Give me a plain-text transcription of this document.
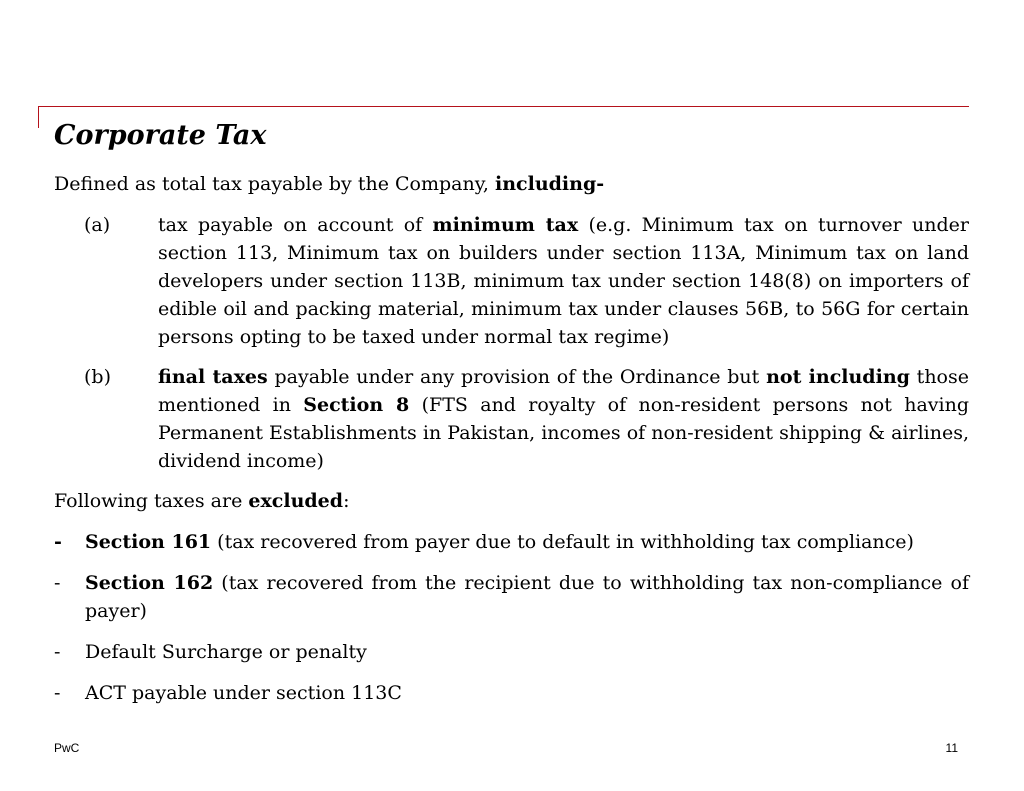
Corporate Tax
Defined as total tax payable by the Company, including-
(a)	tax payable on account of minimum tax (e.g. Minimum tax on turnover under section 113, Minimum tax on builders under section 113A, Minimum tax on land developers under section 113B, minimum tax under section 148(8) on importers of edible oil and packing material, minimum tax under clauses 56B, to 56G for certain persons opting to be taxed under normal tax regime)
(b) final taxes payable under any provision of the Ordinance but not including those mentioned in Section 8 (FTS and royalty of non-resident persons not having Permanent Establishments in Pakistan, incomes of non-resident shipping & airlines, dividend income)
Following taxes are excluded:
- Section 161 (tax recovered from payer due to default in withholding tax compliance)
- Section 162 (tax recovered from the recipient due to withholding tax non-compliance of payer)
- Default Surcharge or penalty
- ACT payable under section 113C
PwC	11
